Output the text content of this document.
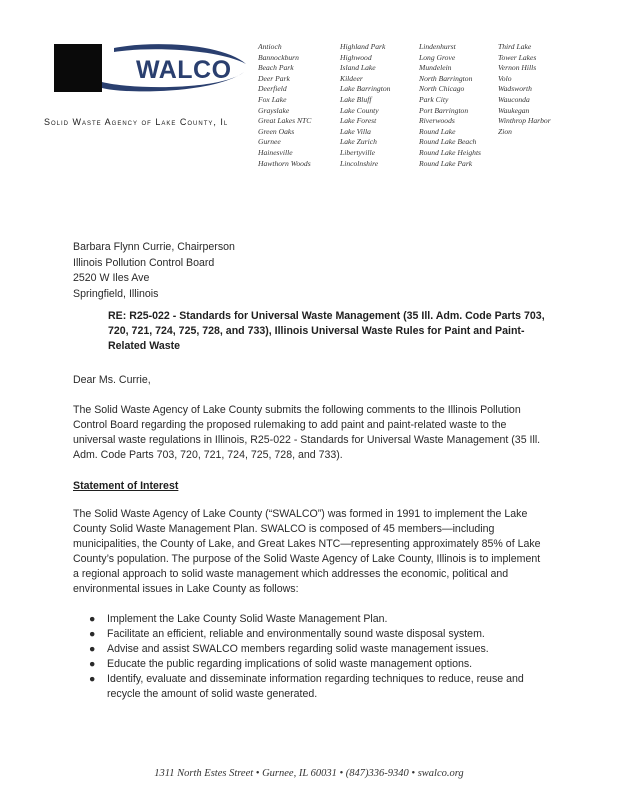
WALCO
Solid Waste Agency of Lake County, Il
Antioch
Bannockburn
Beach Park
Deer Park
Deerfield
Fox Lake
Grayslake
Great Lakes NTC
Green Oaks
Gurnee
Hainesville
Hawthorn Woods
Highland Park
Highwood
Island Lake
Kildeer
Lake Barrington
Lake Bluff
Lake County
Lake Forest
Lake Villa
Lake Zurich
Libertyville
Lincolnshire
Lindenhurst
Long Grove
Mundelein
North Barrington
North Chicago
Park City
Port Barrington
Riverwoods
Round Lake
Round Lake Beach
Round Lake Heights
Round Lake Park
Third Lake
Tower Lakes
Vernon Hills
Volo
Wadsworth
Wauconda
Waukegan
Winthrop Harbor
Zion
Barbara Flynn Currie, Chairperson
Illinois Pollution Control Board
2520 W Iles Ave
Springfield, Illinois
RE: R25-022 - Standards for Universal Waste Management (35 Ill. Adm. Code Parts 703, 720, 721, 724, 725, 728, and 733), Illinois Universal Waste Rules for Paint and Paint-Related Waste
Dear Ms. Currie,
The Solid Waste Agency of Lake County submits the following comments to the Illinois Pollution Control Board regarding the proposed rulemaking to add paint and paint-related waste to the universal waste regulations in Illinois, R25-022 - Standards for Universal Waste Management (35 Ill. Adm. Code Parts 703, 720, 721, 724, 725, 728, and 733).
Statement of Interest
The Solid Waste Agency of Lake County (“SWALCO”) was formed in 1991 to implement the Lake County Solid Waste Management Plan. SWALCO is composed of 45 members—including municipalities, the County of Lake, and Great Lakes NTC—representing approximately 85% of Lake County’s population. The purpose of the Solid Waste Agency of Lake County, Illinois is to implement a regional approach to solid waste management which addresses the economic, political and environmental issues in Lake County as follows:
● Implement the Lake County Solid Waste Management Plan.
● Facilitate an efficient, reliable and environmentally sound waste disposal system.
● Advise and assist SWALCO members regarding solid waste management issues.
● Educate the public regarding implications of solid waste management options.
● Identify, evaluate and disseminate information regarding techniques to reduce, reuse and recycle the amount of solid waste generated.
1311 North Estes Street • Gurnee, IL 60031 • (847)336-9340 • swalco.org
